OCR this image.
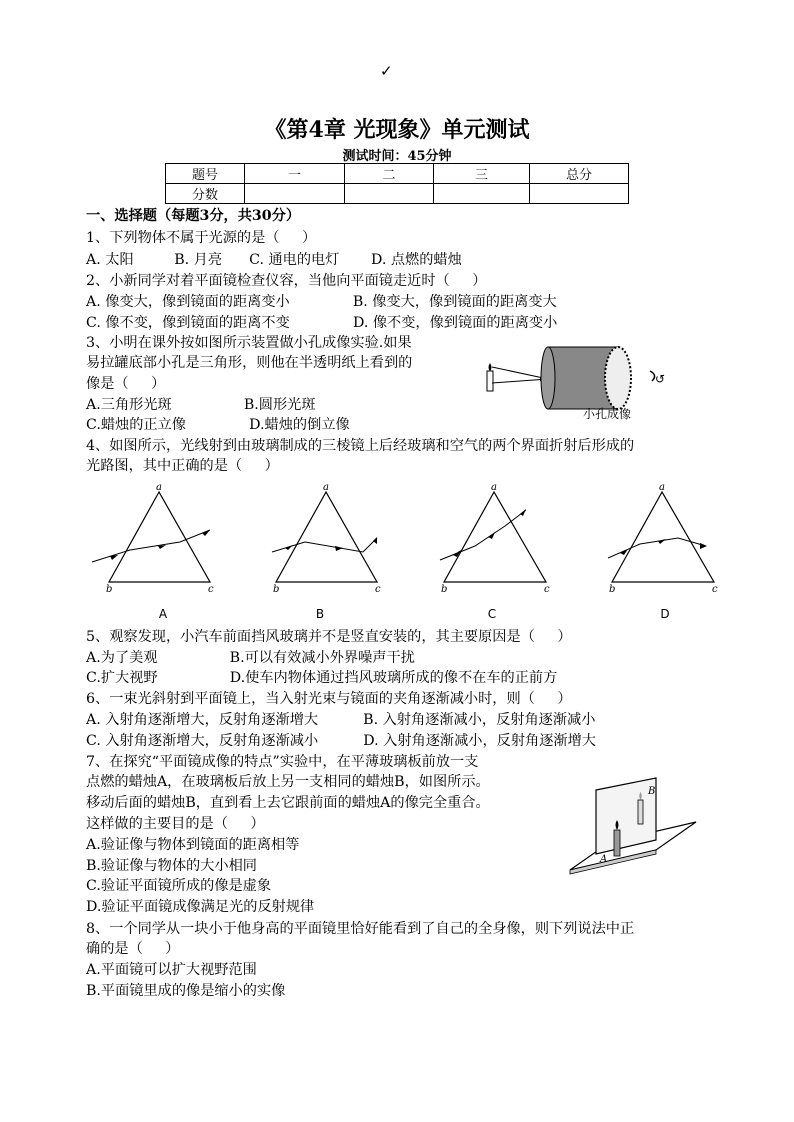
✓
《第4章 光现象》单元测试
测试时间：45分钟
题号	一	二	三	总分
分数				
一、选择题（每题3分，共30分）
1、下列物体不属于光源的是（     ）
A. 太阳         B. 月亮      C. 通电的电灯       D. 点燃的蜡烛
2、小新同学对着平面镜检查仪容，当他向平面镜走近时（     ）
A. 像变大，像到镜面的距离变小              B. 像变大，像到镜面的距离变大
C. 像不变，像到镜面的距离不变              D. 像不变，像到镜面的距离变小
3、小明在课外按如图所示装置做小孔成像实验.如果
易拉罐底部小孔是三角形，则他在半透明纸上看到的
像是（     ）
A.三角形光斑                B.圆形光斑
C.蜡烛的正立像              D.蜡烛的倒立像
4、如图所示，光线射到由玻璃制成的三棱镜上后经玻璃和空气的两个界面折射后形成的
光路图，其中正确的是（     ）
↺
小孔成像
a
b	c
a
b	c
a
b	c
a
b	c
A	B	C	D
5、观察发现，小汽车前面挡风玻璃并不是竖直安装的，其主要原因是（     ）
A.为了美观                B.可以有效减小外界噪声干扰
C.扩大视野                D.使车内物体通过挡风玻璃所成的像不在车的正前方
6、一束光斜射到平面镜上，当入射光束与镜面的夹角逐渐减小时，则（     ）
A. 入射角逐渐增大，反射角逐渐增大          B. 入射角逐渐减小，反射角逐渐减小
C. 入射角逐渐增大，反射角逐渐减小          D. 入射角逐渐减小，反射角逐渐增大
7、在探究“平面镜成像的特点”实验中，在平薄玻璃板前放一支
点燃的蜡烛A，在玻璃板后放上另一支相同的蜡烛B，如图所示。
移动后面的蜡烛B，直到看上去它跟前面的蜡烛A的像完全重合。
这样做的主要目的是（     ）
A.验证像与物体到镜面的距离相等
B.验证像与物体的大小相同
C.验证平面镜所成的像是虚象
D.验证平面镜成像满足光的反射规律
8、一个同学从一块小于他身高的平面镜里恰好能看到了自己的全身像，则下列说法中正
确的是（     ）
A.平面镜可以扩大视野范围
B.平面镜里成的像是缩小的实像
A
B
